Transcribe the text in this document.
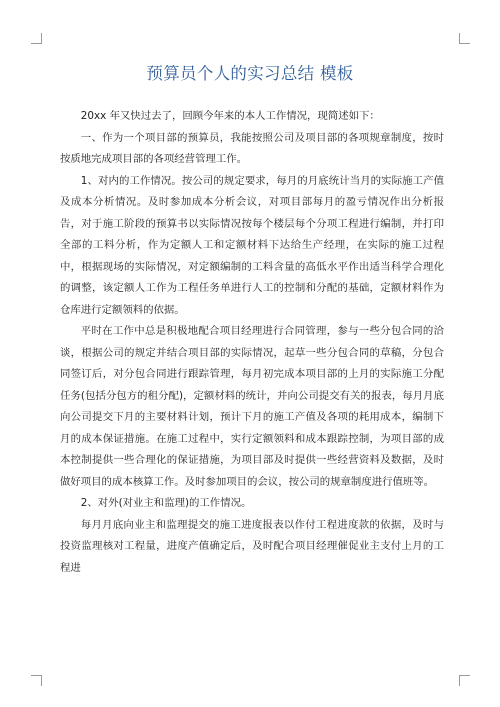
预算员个人的实习总结 模板

20xx 年又快过去了，回顾今年来的本人工作情况，现简述如下：

一、作为一个项目部的预算员，我能按照公司及项目部的各项规章制度，按时按质地完成项目部的各项经营管理工作。

1、对内的工作情况。按公司的规定要求，每月的月底统计当月的实际施工产值及成本分析情况。及时参加成本分析会议，对项目部每月的盈亏情况作出分析报告，对于施工阶段的预算书以实际情况按每个楼层每个分项工程进行编制，并打印全部的工料分析，作为定额人工和定额材料下达给生产经理，在实际的施工过程中，根据现场的实际情况，对定额编制的工料含量的高低水平作出适当科学合理化的调整，该定额人工作为工程任务单进行人工的控制和分配的基础，定额材料作为仓库进行定额领料的依据。

平时在工作中总是积极地配合项目经理进行合同管理，参与一些分包合同的洽谈，根据公司的规定并结合项目部的实际情况，起草一些分包合同的草稿，分包合同签订后，对分包合同进行跟踪管理，每月初完成本项目部的上月的实际施工分配任务(包括分包方的租分配)，定额材料的统计，并向公司提交有关的报表，每月月底向公司提交下月的主要材料计划，预计下月的施工产值及各项的耗用成本，编制下月的成本保证措施。在施工过程中，实行定额领料和成本跟踪控制，为项目部的成本控制提供一些合理化的保证措施，为项目部及时提供一些经营资料及数据，及时做好项目的成本核算工作。及时参加项目的会议，按公司的规章制度进行值班等。

2、对外(对业主和监理)的工作情况。

每月月底向业主和监理提交的施工进度报表以作付工程进度款的依据，及时与投资监理核对工程量，进度产值确定后，及时配合项目经理催促业主支付上月的工程进
